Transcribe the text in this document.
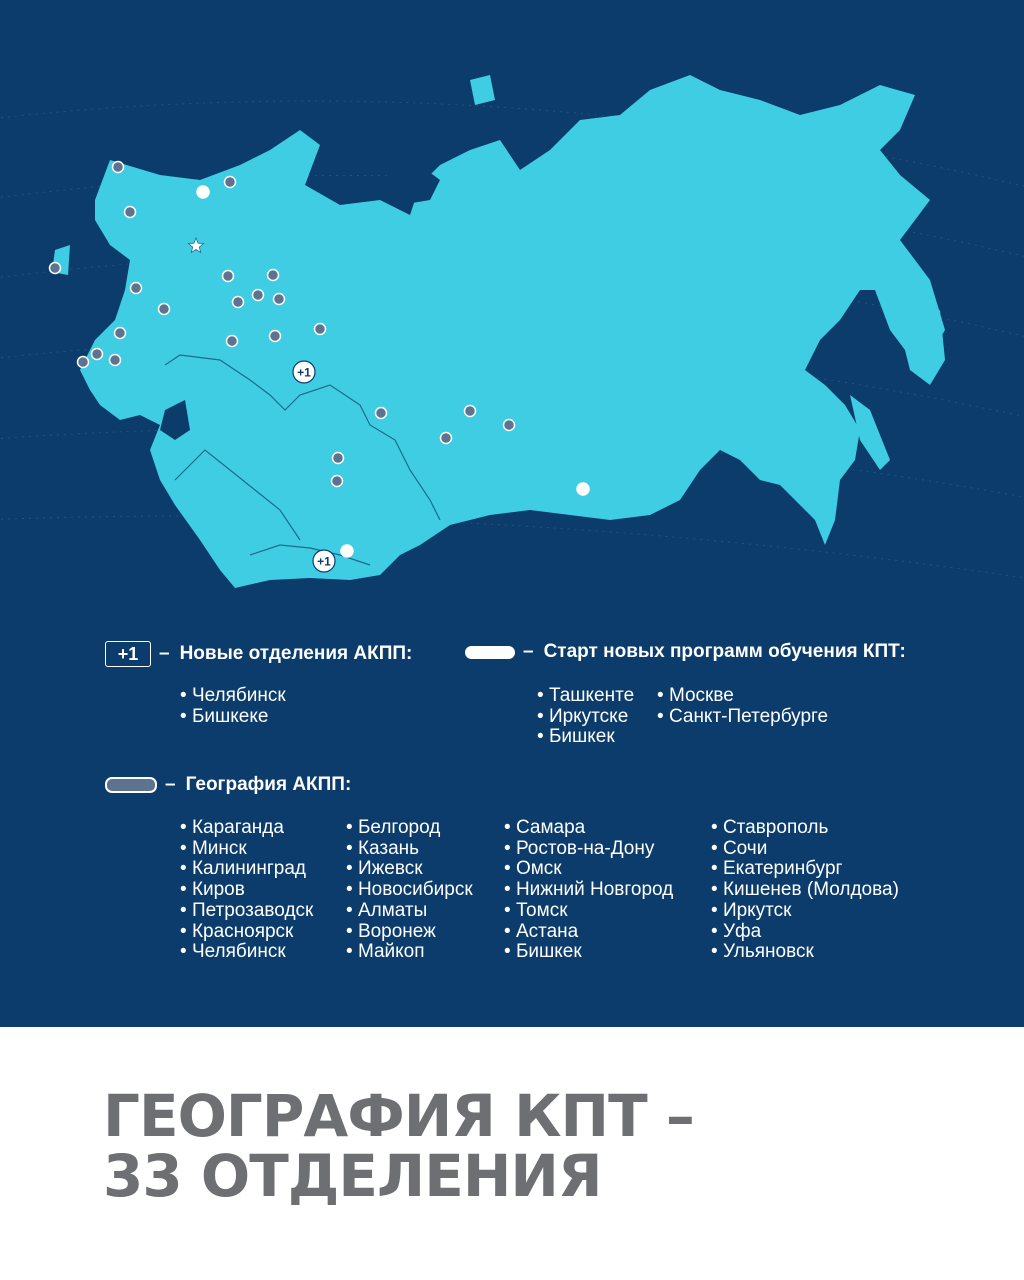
+1
+1
+1	– Новые отделения АКПП:	– Старт новых программ обучения КПТ:
• Челябинск
• Бишкеке
• Ташкенте
• Иркутске
• Бишкек
• Москве
• Санкт-Петербурге
– География АКПП:
• Караганда
• Минск
• Калининград
• Киров
• Петрозаводск
• Красноярск
• Челябинск
• Белгород
• Казань
• Ижевск
• Новосибирск
• Алматы
• Воронеж
• Майкоп
• Самара
• Ростов-на-Дону
• Омск
• Нижний Новгород
• Томск
• Астана
• Бишкек
• Ставрополь
• Сочи
• Екатеринбург
• Кишенев (Молдова)
• Иркутск
• Уфа
• Ульяновск
ГЕОГРАФИЯ КПТ –
33 ОТДЕЛЕНИЯ
